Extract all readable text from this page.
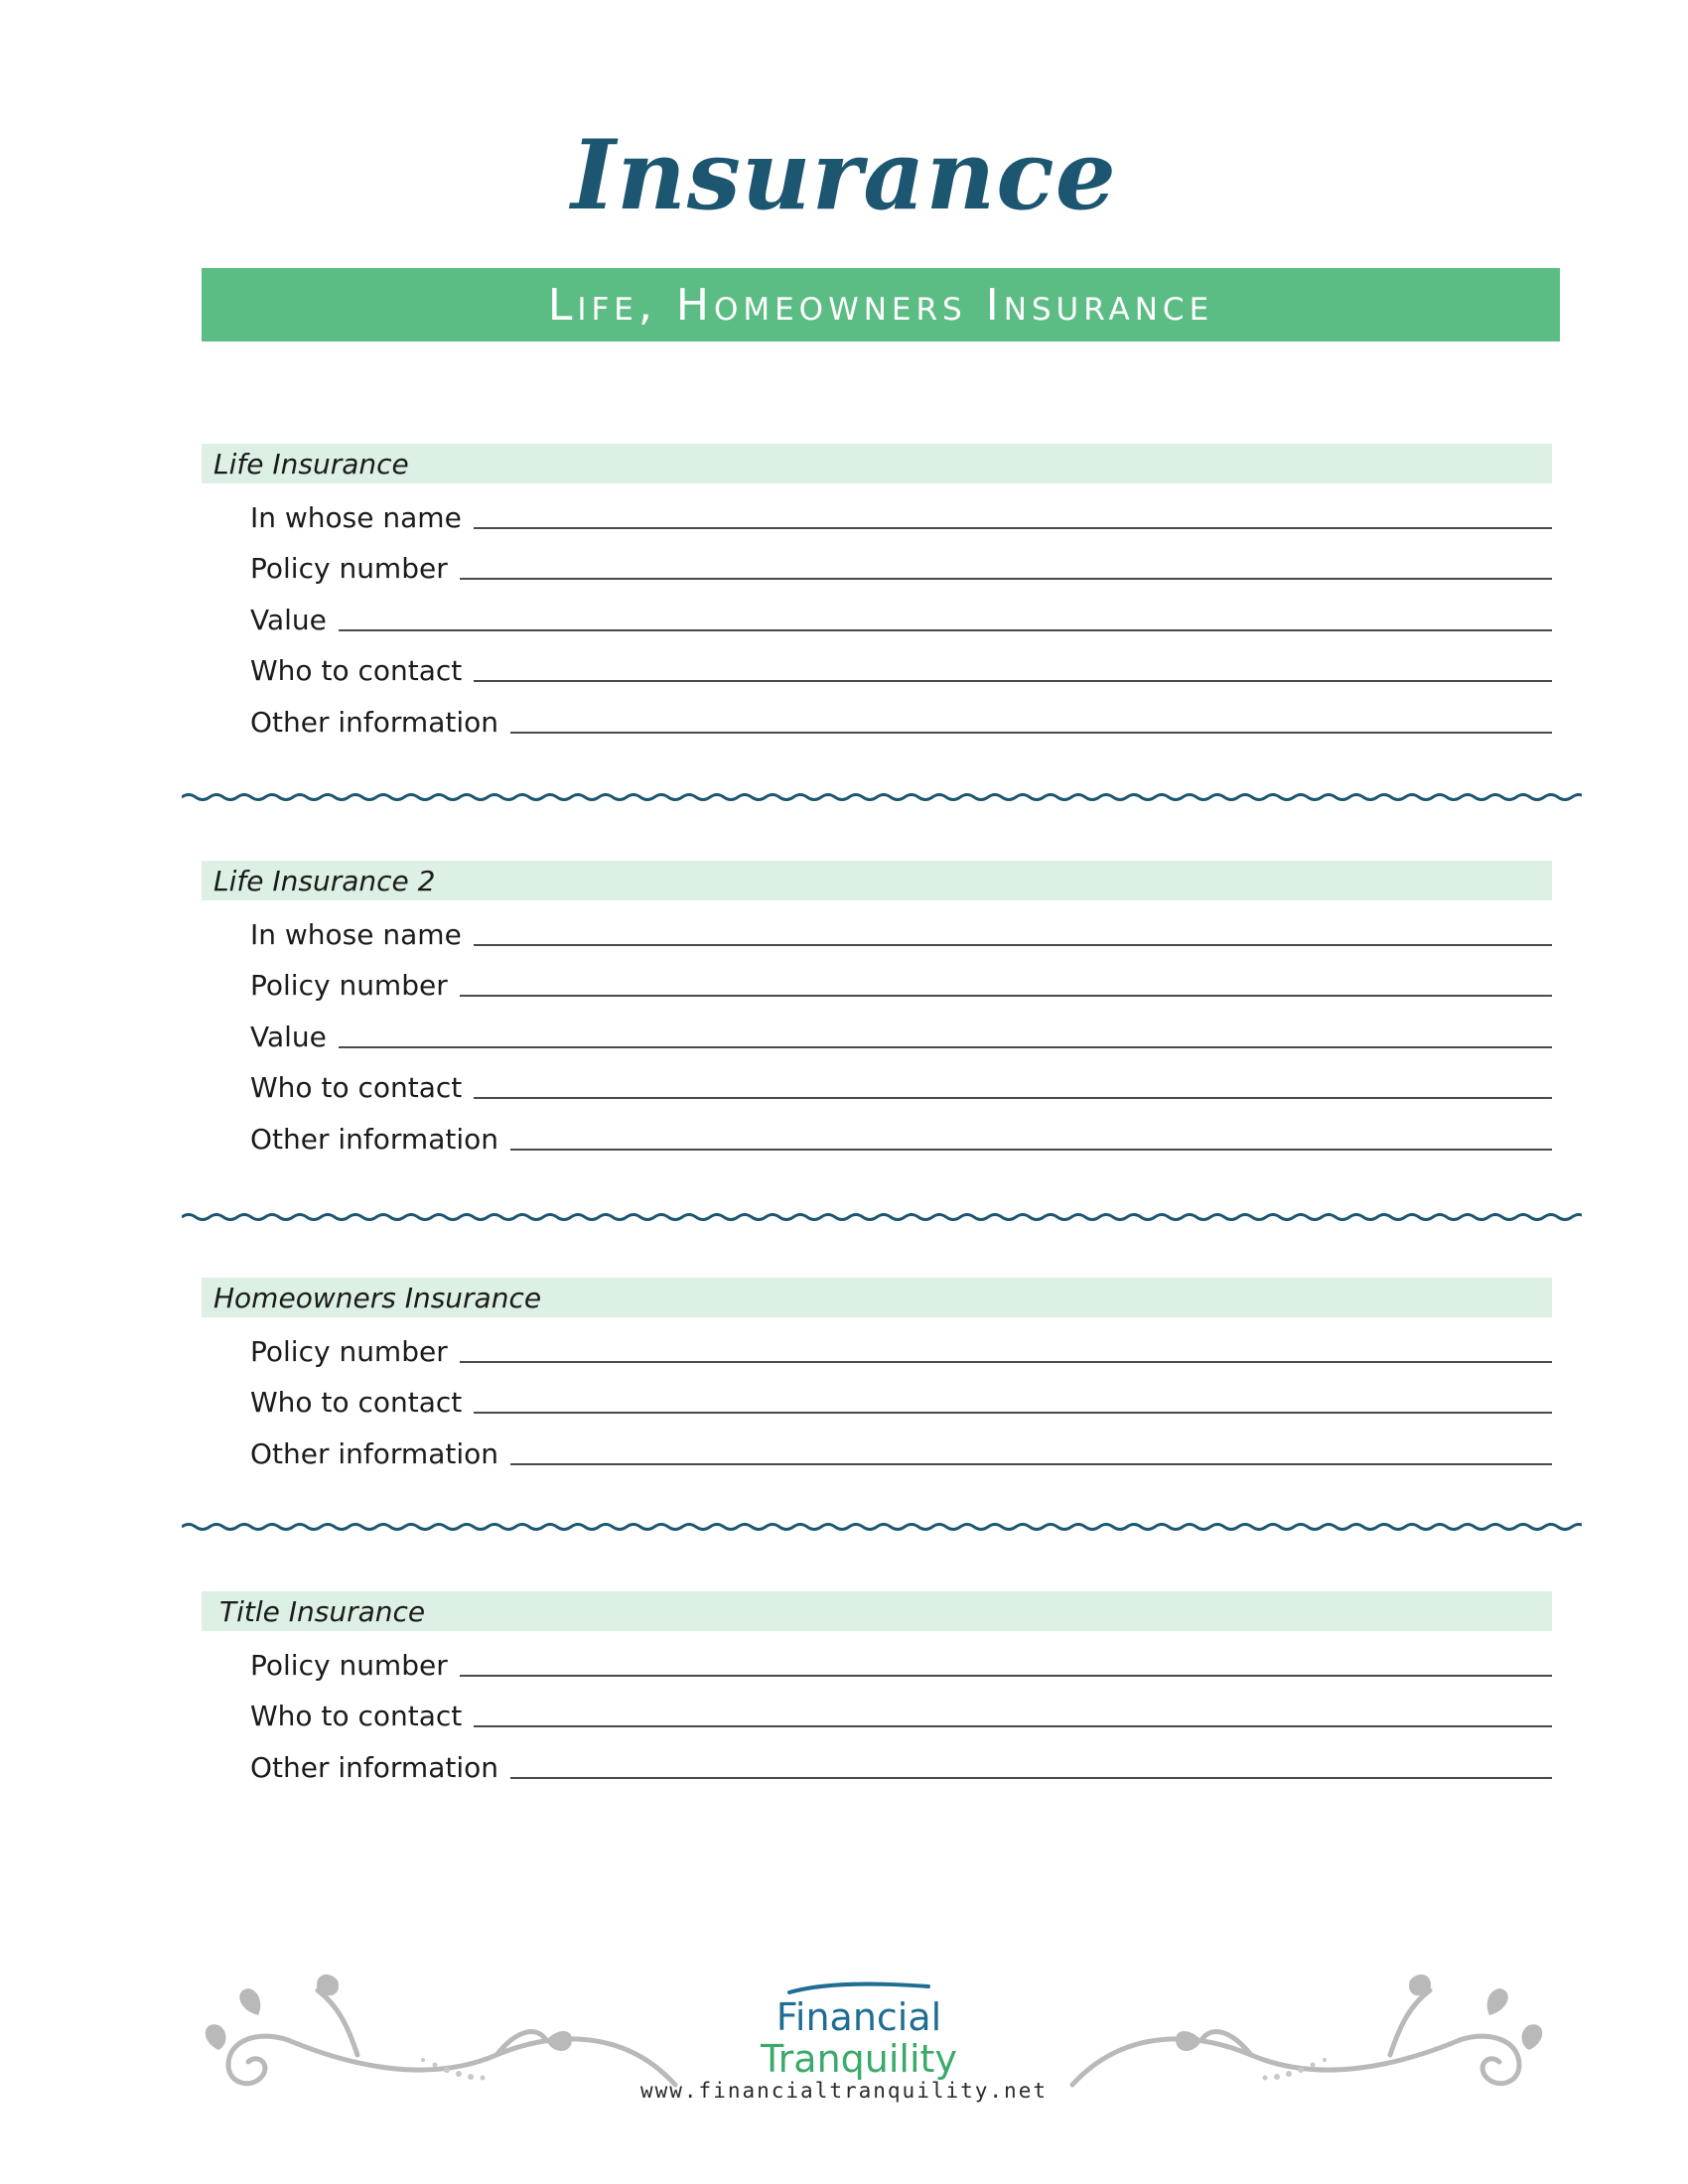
Insurance
Life, Homeowners Insurance
Life Insurance
In whose name
Policy number
Value
Who to contact
Other information
Life Insurance 2
In whose name
Policy number
Value
Who to contact
Other information
Homeowners Insurance
Policy number
Who to contact
Other information
Title Insurance
Policy number
Who to contact
Other information
Financial
Tranquility
www.financialtranquility.net
